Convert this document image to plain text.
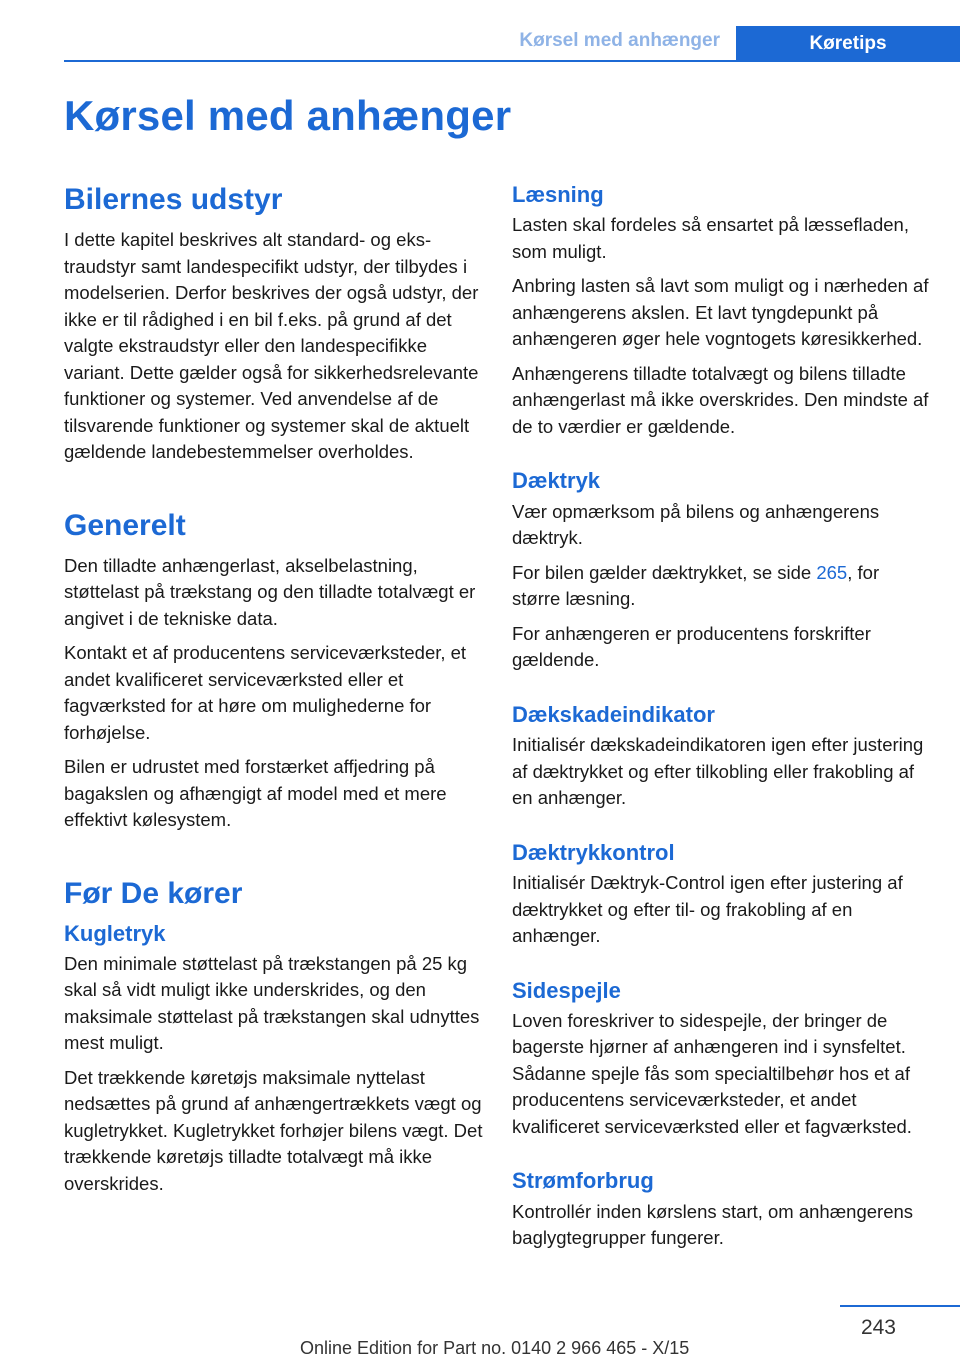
Kørsel med anhænger	Køretips
Kørsel med anhænger
Bilernes udstyr

I dette kapitel beskrives alt standard- og ekstraudstyr samt landespecifikt udstyr, der tilbydes i modelserien. Derfor beskrives der også udstyr, der ikke er til rådighed i en bil f.eks. på grund af det valgte ekstraudstyr eller den landespecifikke variant. Dette gælder også for sikkerhedsrelevante funktioner og systemer. Ved anvendelse af de tilsvarende funktioner og systemer skal de aktuelt gældende landebestemmelser overholdes.

Generelt

Den tilladte anhængerlast, akselbelastning, støttelast på trækstang og den tilladte totalvægt er angivet i de tekniske data.

Kontakt et af producentens serviceværksteder, et andet kvalificeret serviceværksted eller et fagværksted for at høre om mulighederne for forhøjelse.

Bilen er udrustet med forstærket affjedring på bagakslen og afhængigt af model med et mere effektivt kølesystem.

Før De kører
Kugletryk

Den minimale støttelast på trækstangen på 25 kg skal så vidt muligt ikke underskrides, og den maksimale støttelast på trækstangen skal udnyttes mest muligt.

Det trækkende køretøjs maksimale nyttelast nedsættes på grund af anhængertrækkets vægt og kugletrykket. Kugletrykket forhøjer bilens vægt. Det trækkende køretøjs tilladte totalvægt må ikke overskrides.

Læsning

Lasten skal fordeles så ensartet på læssefladen, som muligt.

Anbring lasten så lavt som muligt og i nærheden af anhængerens akslen. Et lavt tyngdepunkt på anhængeren øger hele vogntogets køresikkerhed.

Anhængerens tilladte totalvægt og bilens tilladte anhængerlast må ikke overskrides. Den mindste af de to værdier er gældende.

Dæktryk

Vær opmærksom på bilens og anhængerens dæktryk.

For bilen gælder dæktrykket, se side 265, for større læsning.

For anhængeren er producentens forskrifter gældende.

Dækskadeindikator

Initialisér dækskadeindikatoren igen efter justering af dæktrykket og efter tilkobling eller frakobling af en anhænger.

Dæktrykkontrol

Initialisér Dæktryk-Control igen efter justering af dæktrykket og efter til- og frakobling af en anhænger.

Sidespejle

Loven foreskriver to sidespejle, der bringer de bagerste hjørner af anhængeren ind i synsfeltet. Sådanne spejle fås som specialtilbehør hos et af producentens serviceværksteder, et andet kvalificeret serviceværksted eller et fagværksted.

Strømforbrug

Kontrollér inden kørslens start, om anhængerens baglygtegrupper fungerer.

243
Online Edition for Part no. 0140 2 966 465 - X/15
